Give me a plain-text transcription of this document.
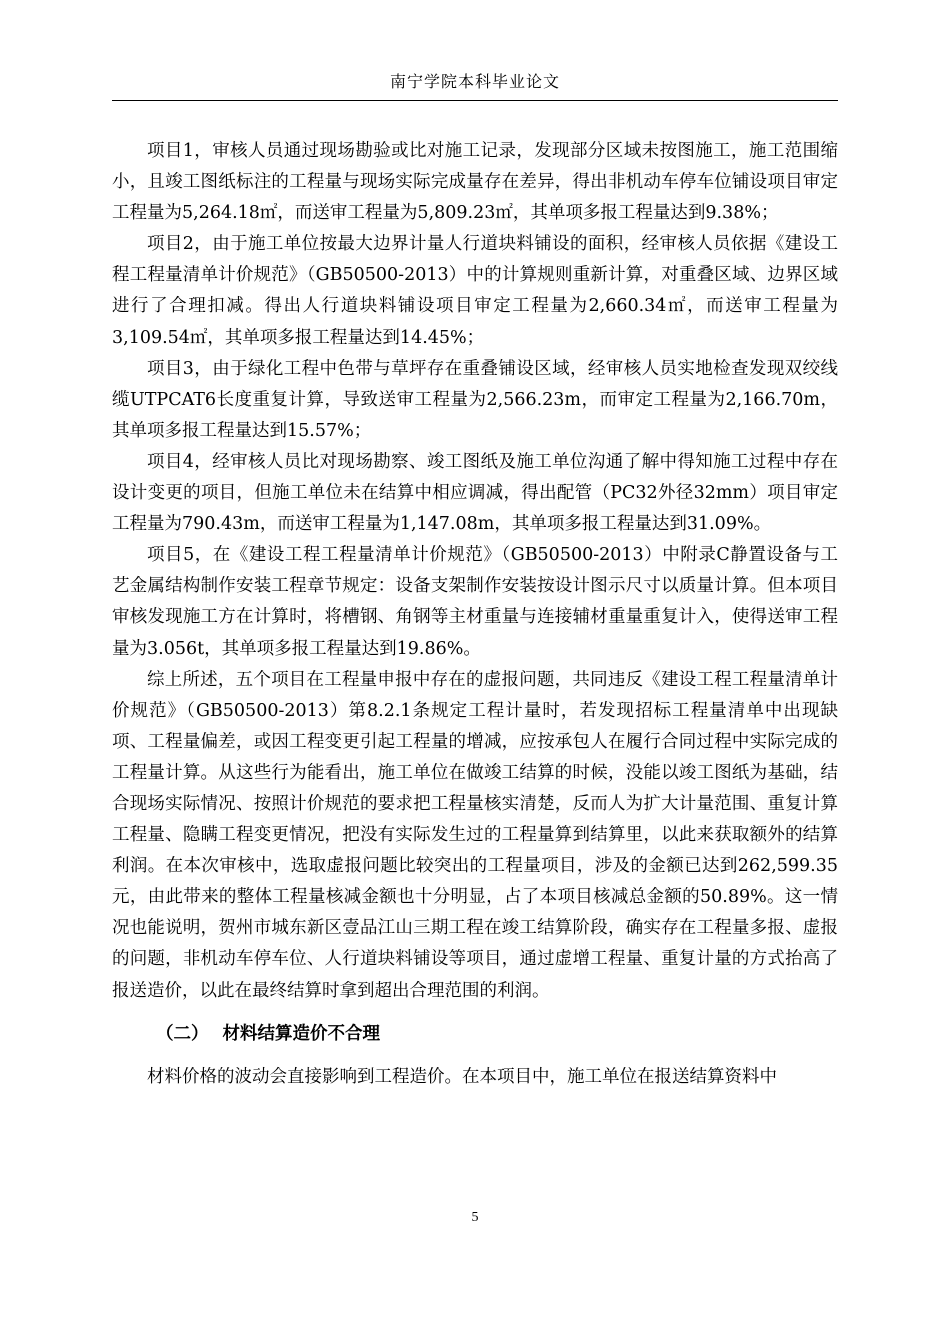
南宁学院本科毕业论文

项目1，审核人员通过现场勘验或比对施工记录，发现部分区域未按图施工，施工范围缩小，且竣工图纸标注的工程量与现场实际完成量存在差异，得出非机动车停车位铺设项目审定工程量为5,264.18㎡，而送审工程量为5,809.23㎡，其单项多报工程量达到9.38%；

项目2，由于施工单位按最大边界计量人行道块料铺设的面积，经审核人员依据《建设工程工程量清单计价规范》（GB50500-2013）中的计算规则重新计算，对重叠区域、边界区域进行了合理扣减。得出人行道块料铺设项目审定工程量为2,660.34㎡，而送审工程量为3,109.54㎡，其单项多报工程量达到14.45%；

项目3，由于绿化工程中色带与草坪存在重叠铺设区域，经审核人员实地检查发现双绞线缆UTPCAT6长度重复计算，导致送审工程量为2,566.23m，而审定工程量为2,166.70m，其单项多报工程量达到15.57%；

项目4，经审核人员比对现场勘察、竣工图纸及施工单位沟通了解中得知施工过程中存在设计变更的项目，但施工单位未在结算中相应调减，得出配管（PC32外径32mm）项目审定工程量为790.43m，而送审工程量为1,147.08m，其单项多报工程量达到31.09%。

项目5，在《建设工程工程量清单计价规范》（GB50500-2013）中附录C静置设备与工艺金属结构制作安装工程章节规定：设备支架制作安装按设计图示尺寸以质量计算。但本项目审核发现施工方在计算时，将槽钢、角钢等主材重量与连接辅材重量重复计入，使得送审工程量为3.056t，其单项多报工程量达到19.86%。

综上所述，五个项目在工程量申报中存在的虚报问题，共同违反《建设工程工程量清单计价规范》（GB50500-2013）第8.2.1条规定工程计量时，若发现招标工程量清单中出现缺项、工程量偏差，或因工程变更引起工程量的增减，应按承包人在履行合同过程中实际完成的工程量计算。从这些行为能看出，施工单位在做竣工结算的时候，没能以竣工图纸为基础，结合现场实际情况、按照计价规范的要求把工程量核实清楚，反而人为扩大计量范围、重复计算工程量、隐瞒工程变更情况，把没有实际发生过的工程量算到结算里，以此来获取额外的结算利润。在本次审核中，选取虚报问题比较突出的工程量项目，涉及的金额已达到262,599.35元，由此带来的整体工程量核减金额也十分明显，占了本项目核减总金额的50.89%。这一情况也能说明，贺州市城东新区壹品江山三期工程在竣工结算阶段，确实存在工程量多报、虚报的问题，非机动车停车位、人行道块料铺设等项目，通过虚增工程量、重复计量的方式抬高了报送造价，以此在最终结算时拿到超出合理范围的利润。

（二） 材料结算造价不合理

材料价格的波动会直接影响到工程造价。在本项目中，施工单位在报送结算资料中

5
